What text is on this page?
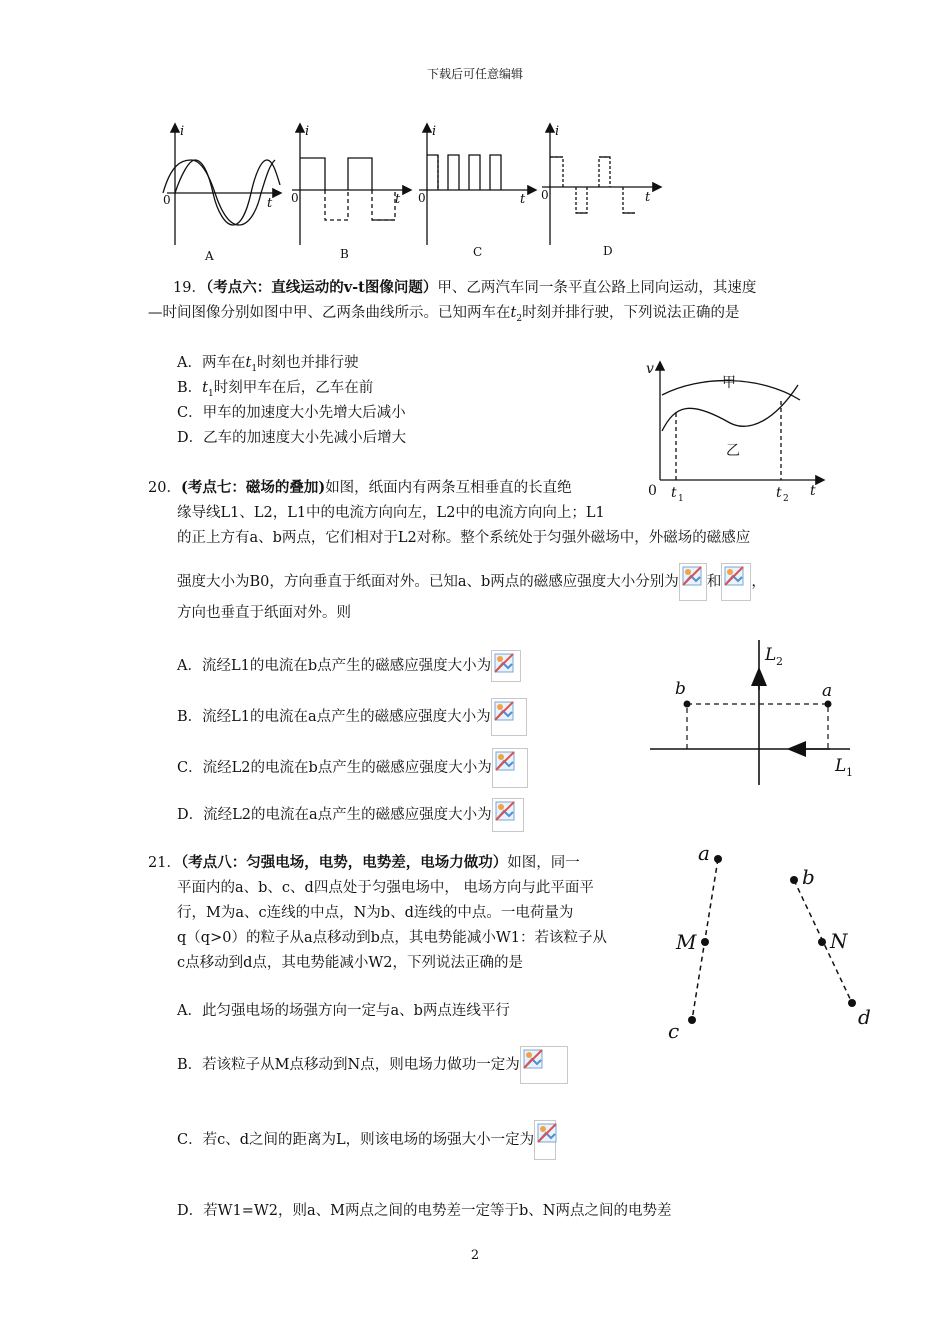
下载后可任意编辑
i
t
i
t
i
t
i
t
0	0	0	0
A	B	C	D
19．（考点六：直线运动的v-t图像问题）甲、乙两汽车同一条平直公路上同向运动，其速度
—时间图像分别如图中甲、乙两条曲线所示。已知两车在$t_2$时刻并排行驶，下列说法正确的是
A．两车在$t_1$时刻也并排行驶
B．$t_1$时刻甲车在后，乙车在前
C．甲车的加速度大小先增大后减小
D．乙车的加速度大小先减小后增大
v
甲
乙
0	t
t 1	t 2
20．(考点七：磁场的叠加)如图，纸面内有两条互相垂直的长直绝
缘导线L1、L2，L1中的电流方向向左，L2中的电流方向向上；L1
的正上方有a、b两点，它们相对于L2对称。整个系统处于匀强外磁场中，外磁场的磁感应
强度大小为B0，方向垂直于纸面对外。已知a、b两点的磁感应强度大小分别为 和 ，
方向也垂直于纸面对外。则
A．流经L1的电流在b点产生的磁感应强度大小为
B．流经L1的电流在a点产生的磁感应强度大小为
C．流经L2的电流在b点产生的磁感应强度大小为
D．流经L2的电流在a点产生的磁感应强度大小为
L 2
L 1
b	a
21．（考点八：匀强电场，电势，电势差，电场力做功）如图，同一
平面内的a、b、c、d四点处于匀强电场中， 电场方向与此平面平
行，M为a、c连线的中点，N为b、d连线的中点。一电荷量为
q（q>0）的粒子从a点移动到b点，其电势能减小W1：若该粒子从
c点移动到d点，其电势能减小W2，下列说法正确的是
A．此匀强电场的场强方向一定与a、b两点连线平行
B．若该粒子从M点移动到N点，则电场力做功一定为
C．若c、d之间的距离为L，则该电场的场强大小一定为
D．若W1=W2，则a、M两点之间的电势差一定等于b、N两点之间的电势差
a
M
c
b
N
d
2
